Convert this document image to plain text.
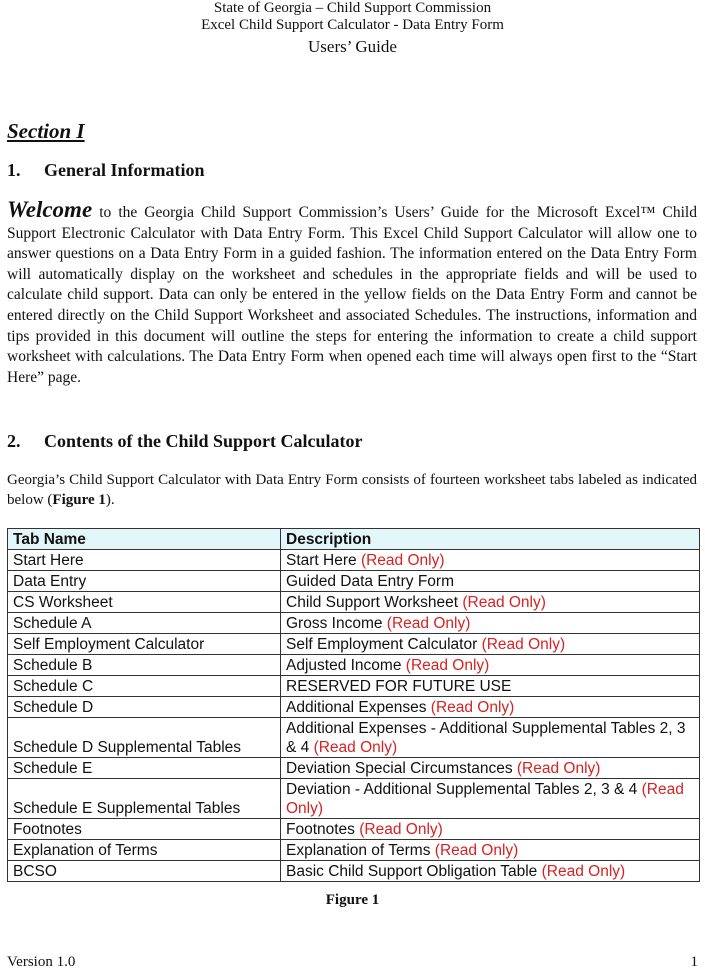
State of Georgia – Child Support Commission
Excel Child Support Calculator - Data Entry Form
Users’ Guide
Section I
1. General Information
Welcome to the Georgia Child Support Commission’s Users’ Guide for the Microsoft Excel™ Child Support Electronic Calculator with Data Entry Form. This Excel Child Support Calculator will allow one to answer questions on a Data Entry Form in a guided fashion. The information entered on the Data Entry Form will automatically display on the worksheet and schedules in the appropriate fields and will be used to calculate child support. Data can only be entered in the yellow fields on the Data Entry Form and cannot be entered directly on the Child Support Worksheet and associated Schedules. The instructions, information and tips provided in this document will outline the steps for entering the information to create a child support worksheet with calculations. The Data Entry Form when opened each time will always open first to the “Start Here” page.
2. Contents of the Child Support Calculator
Georgia’s Child Support Calculator with Data Entry Form consists of fourteen worksheet tabs labeled as indicated below (Figure 1).
Tab Name	Description
Start Here	Start Here (Read Only)
Data Entry	Guided Data Entry Form
CS Worksheet	Child Support Worksheet (Read Only)
Schedule A	Gross Income (Read Only)
Self Employment Calculator	Self Employment Calculator (Read Only)
Schedule B	Adjusted Income (Read Only)
Schedule C	RESERVED FOR FUTURE USE
Schedule D	Additional Expenses (Read Only)
Schedule D Supplemental Tables	Additional Expenses - Additional Supplemental Tables 2, 3 & 4 (Read Only)
Schedule E	Deviation Special Circumstances (Read Only)
Schedule E Supplemental Tables	Deviation - Additional Supplemental Tables 2, 3 & 4 (Read Only)
Footnotes	Footnotes (Read Only)
Explanation of Terms	Explanation of Terms (Read Only)
BCSO	Basic Child Support Obligation Table (Read Only)
Figure 1
Version 1.0	1
